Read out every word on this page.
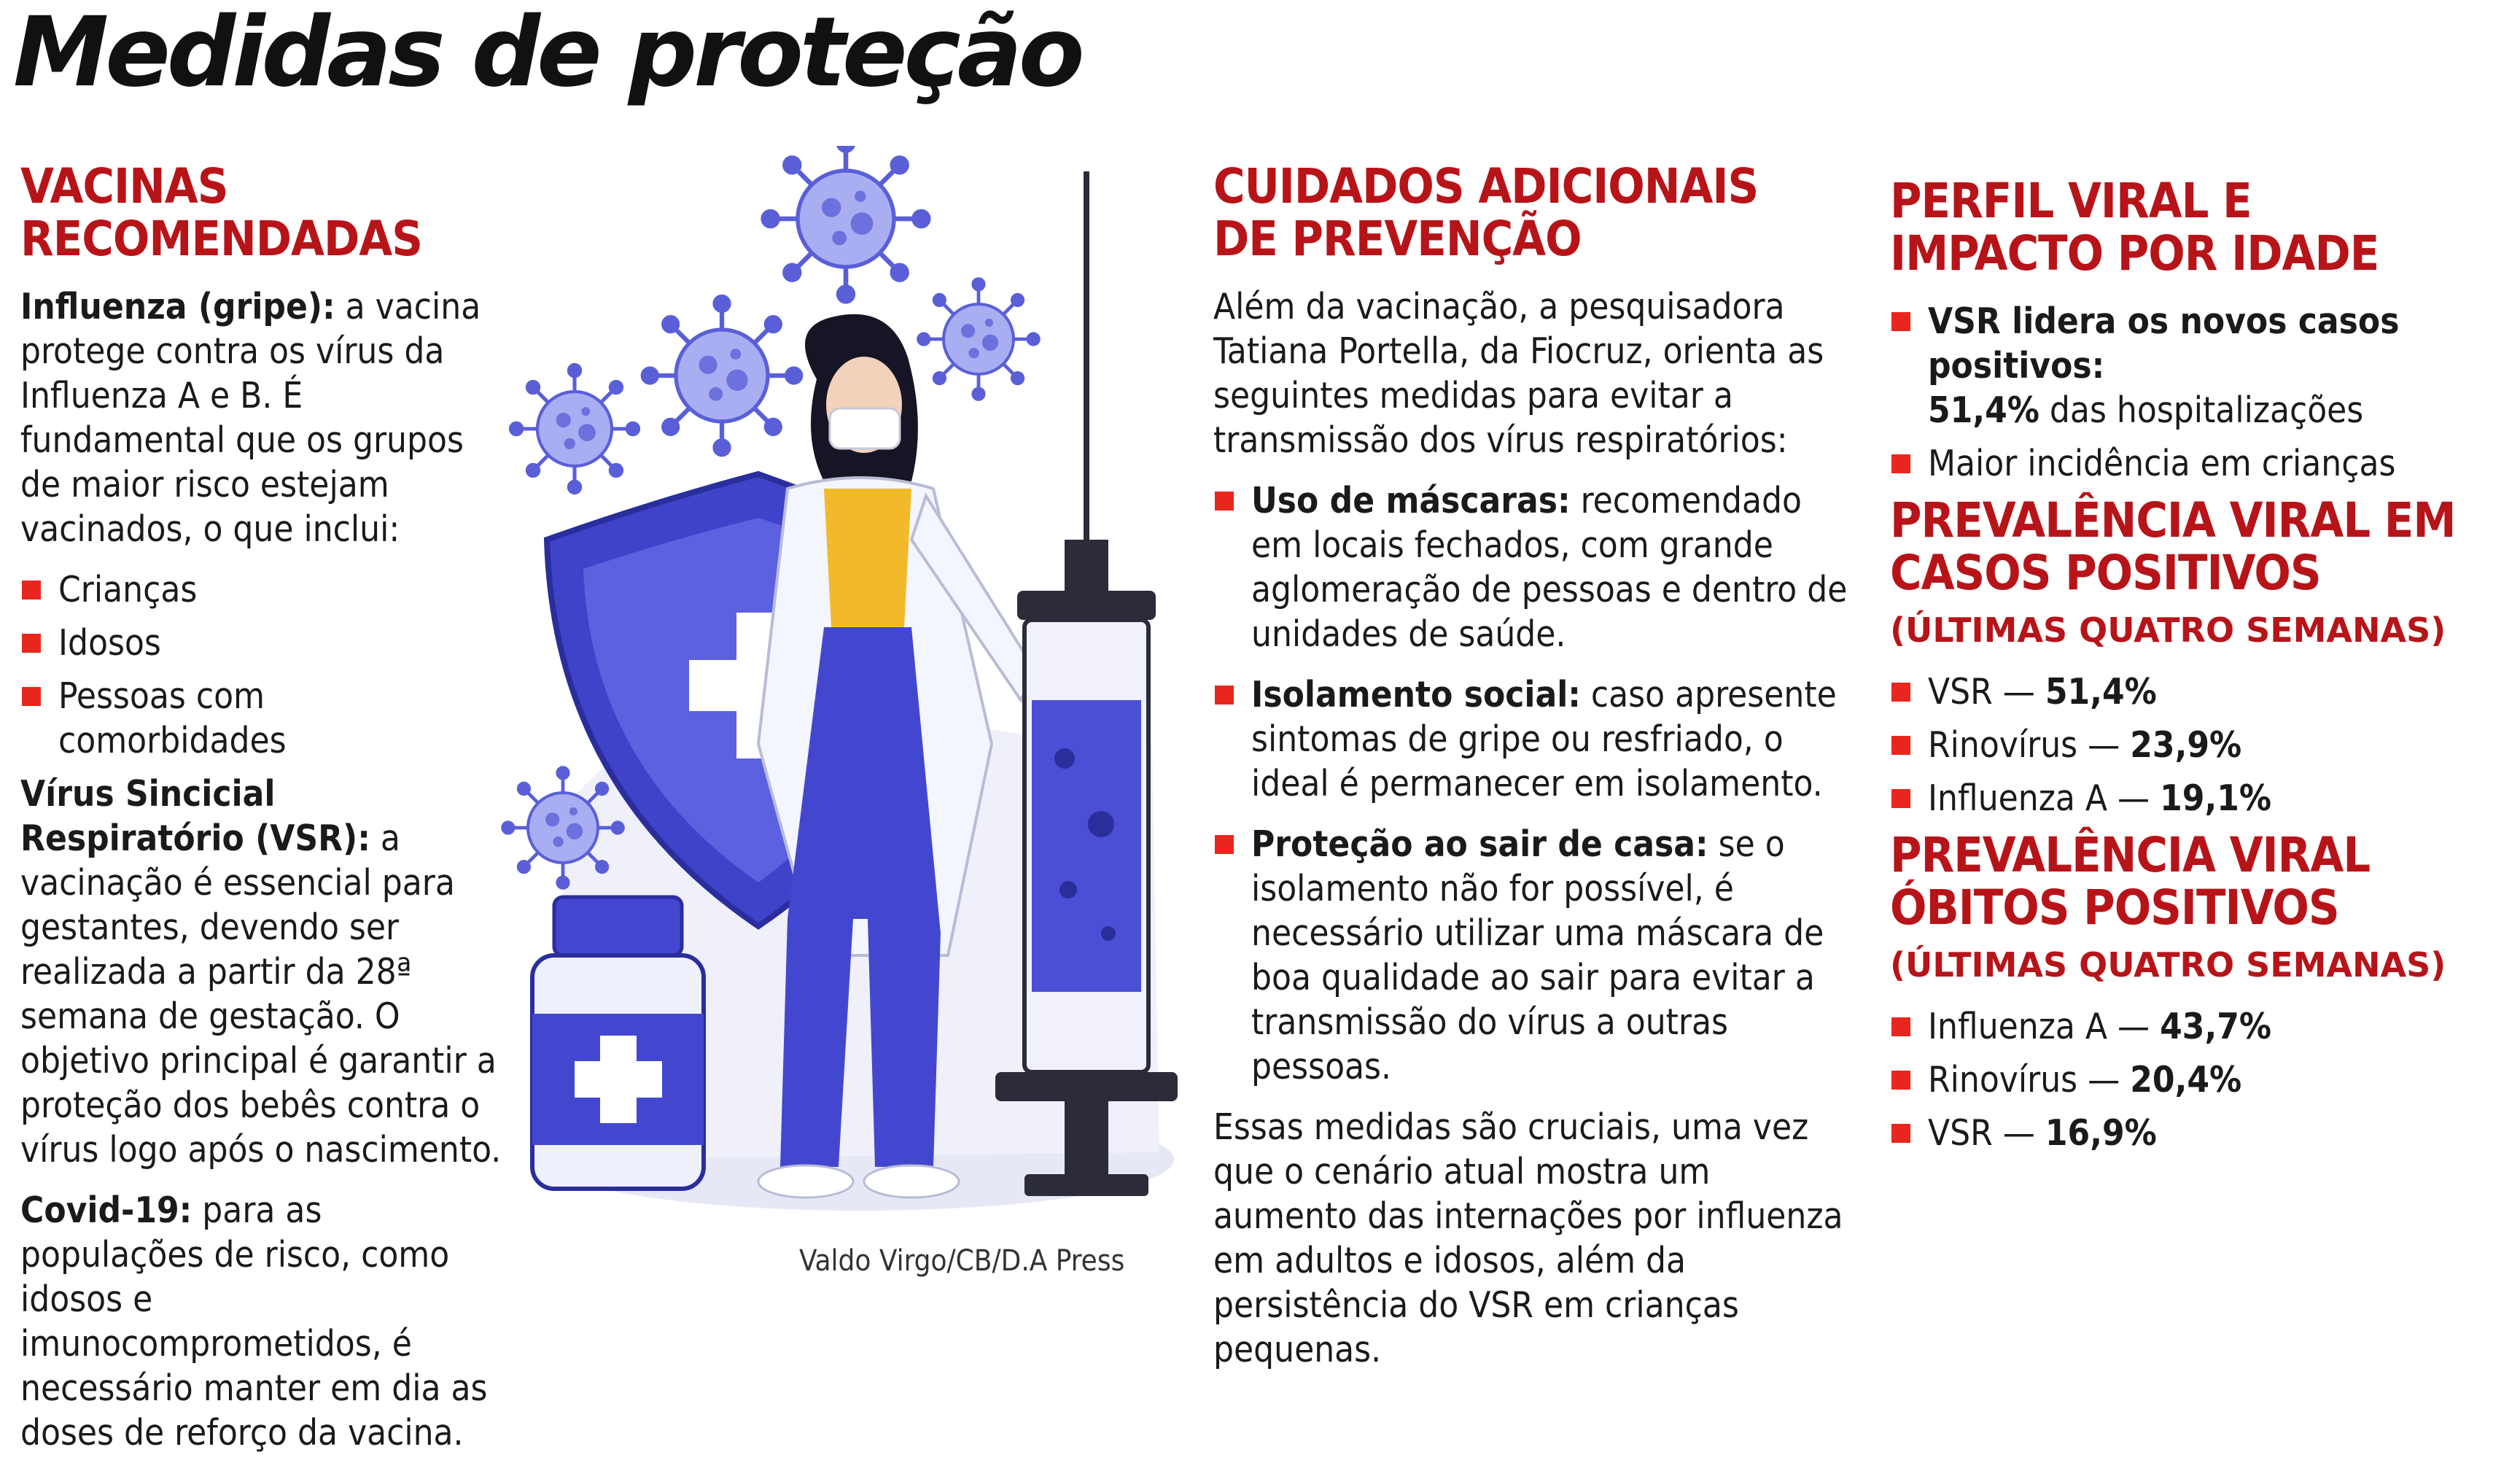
Medidas de proteção
VACINAS
RECOMENDADAS

Influenza (gripe): a vacina protege contra os vírus da Influenza A e B. É fundamental que os grupos de maior risco estejam vacinados, o que inclui:

Crianças
Idosos
Pessoas com comorbidades

Vírus Sincicial Respiratório (VSR): a vacinação é essencial para gestantes, devendo ser realizada a partir da 28ª semana de gestação. O objetivo principal é garantir a proteção dos bebês contra o vírus logo após o nascimento.

Covid-19: para as populações de risco, como idosos e imunocomprometidos, é necessário manter em dia as doses de reforço da vacina.

Valdo Virgo/CB/D.A Press
CUIDADOS ADICIONAIS
DE PREVENÇÃO

Além da vacinação, a pesquisadora Tatiana Portella, da Fiocruz, orienta as seguintes medidas para evitar a transmissão dos vírus respiratórios:

Uso de máscaras: recomendado em locais fechados, com grande aglomeração de pessoas e dentro de unidades de saúde.
Isolamento social: caso apresente sintomas de gripe ou resfriado, o ideal é permanecer em isolamento.
Proteção ao sair de casa: se o isolamento não for possível, é necessário utilizar uma máscara de boa qualidade ao sair para evitar a transmissão do vírus a outras pessoas.

Essas medidas são cruciais, uma vez que o cenário atual mostra um aumento das internações por influenza em adultos e idosos, além da persistência do VSR em crianças pequenas.

PERFIL VIRAL E
IMPACTO POR IDADE
VSR lidera os novos casos positivos:
51,4% das hospitalizações
Maior incidência em crianças
PREVALÊNCIA VIRAL EM
CASOS POSITIVOS
(ÚLTIMAS QUATRO SEMANAS)
VSR — 51,4%
Rinovírus — 23,9%
Influenza A — 19,1%
PREVALÊNCIA VIRAL
ÓBITOS POSITIVOS
(ÚLTIMAS QUATRO SEMANAS)
Influenza A — 43,7%
Rinovírus — 20,4%
VSR — 16,9%
